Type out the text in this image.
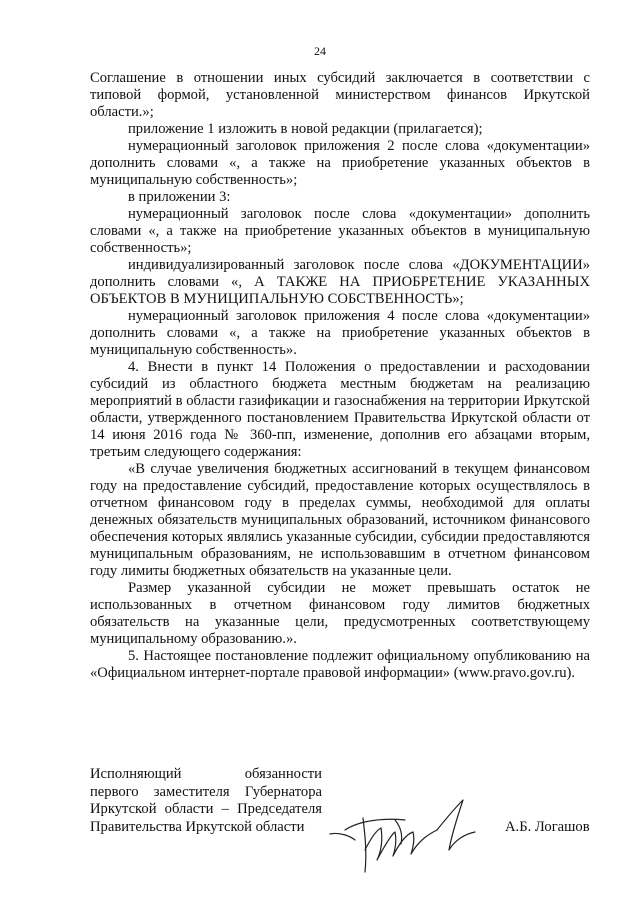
24

Соглашение в отношении иных субсидий заключается в соответствии с типовой формой, установленной министерством финансов Иркутской области.»;

приложение 1 изложить в новой редакции (прилагается);

нумерационный заголовок приложения 2 после слова «документации» дополнить словами «, а также на приобретение указанных объектов в муниципальную собственность»;

в приложении 3:

нумерационный заголовок после слова «документации» дополнить словами «, а также на приобретение указанных объектов в муниципальную собственность»;

индивидуализированный заголовок после слова «ДОКУМЕНТАЦИИ» дополнить словами «, А ТАКЖЕ НА ПРИОБРЕТЕНИЕ УКАЗАННЫХ ОБЪЕКТОВ В МУНИЦИПАЛЬНУЮ СОБСТВЕННОСТЬ»;

нумерационный заголовок приложения 4 после слова «документации» дополнить словами «, а также на приобретение указанных объектов в муниципальную собственность».

4. Внести в пункт 14 Положения о предоставлении и расходовании субсидий из областного бюджета местным бюджетам на реализацию мероприятий в области газификации и газоснабжения на территории Иркутской области, утвержденного постановлением Правительства Иркутской области от 14 июня 2016 года № 360-пп, изменение, дополнив его абзацами вторым, третьим следующего содержания:

«В случае увеличения бюджетных ассигнований в текущем финансовом году на предоставление субсидий, предоставление которых осуществлялось в отчетном финансовом году в пределах суммы, необходимой для оплаты денежных обязательств муниципальных образований, источником финансового обеспечения которых являлись указанные субсидии, субсидии предоставляются муниципальным образованиям, не использовавшим в отчетном финансовом году лимиты бюджетных обязательств на указанные цели.

Размер указанной субсидии не может превышать остаток не использованных в отчетном финансовом году лимитов бюджетных обязательств на указанные цели, предусмотренных соответствующему муниципальному образованию.».

5. Настоящее постановление подлежит официальному опубликованию на «Официальном интернет-портале правовой информации» (www.pravo.gov.ru).

Исполняющий обязанности
первого заместителя Губернатора
Иркутской области – Председателя
Правительства Иркутской области	А.Б. Логашов
